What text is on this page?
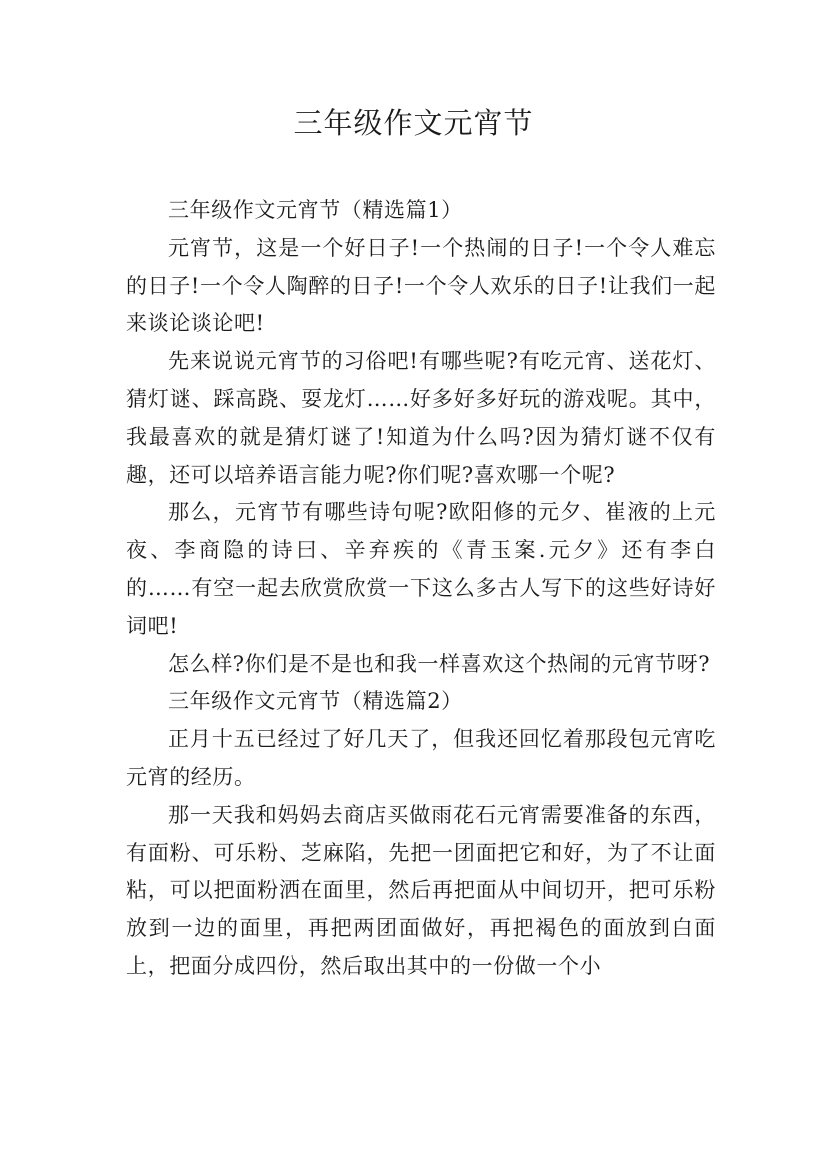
三年级作文元宵节

三年级作文元宵节（精选篇1）

元宵节，这是一个好日子!一个热闹的日子!一个令人难忘的日子!一个令人陶醉的日子!一个令人欢乐的日子!让我们一起来谈论谈论吧!

先来说说元宵节的习俗吧!有哪些呢?有吃元宵、送花灯、猜灯谜、踩高跷、耍龙灯……好多好多好玩的游戏呢。其中，我最喜欢的就是猜灯谜了!知道为什么吗?因为猜灯谜不仅有趣，还可以培养语言能力呢?你们呢?喜欢哪一个呢?

那么，元宵节有哪些诗句呢?欧阳修的元夕、崔液的上元夜、李商隐的诗曰、辛弃疾的《青玉案.元夕》还有李白的……有空一起去欣赏欣赏一下这么多古人写下的这些好诗好词吧!

怎么样?你们是不是也和我一样喜欢这个热闹的元宵节呀?

三年级作文元宵节（精选篇2）

正月十五已经过了好几天了，但我还回忆着那段包元宵吃元宵的经历。

那一天我和妈妈去商店买做雨花石元宵需要准备的东西，有面粉、可乐粉、芝麻陷，先把一团面把它和好，为了不让面粘，可以把面粉洒在面里，然后再把面从中间切开，把可乐粉放到一边的面里，再把两团面做好，再把褐色的面放到白面上，把面分成四份，然后取出其中的一份做一个小
